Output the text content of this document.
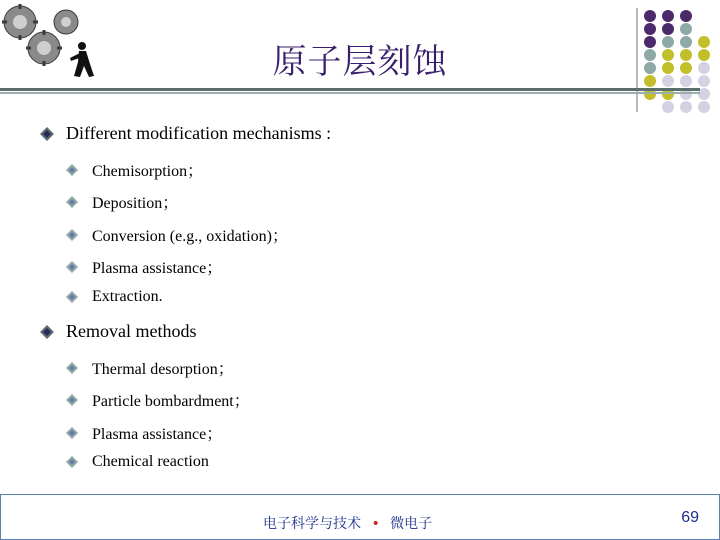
原子层刻蚀
Different modification mechanisms :
Chemisorption；
Deposition；
Conversion (e.g., oxidation)；
Plasma assistance；
Extraction.
Removal methods
Thermal desorption；
Particle bombardment；
Plasma assistance；
Chemical reaction
电子科学与技术 • 微电子	69
